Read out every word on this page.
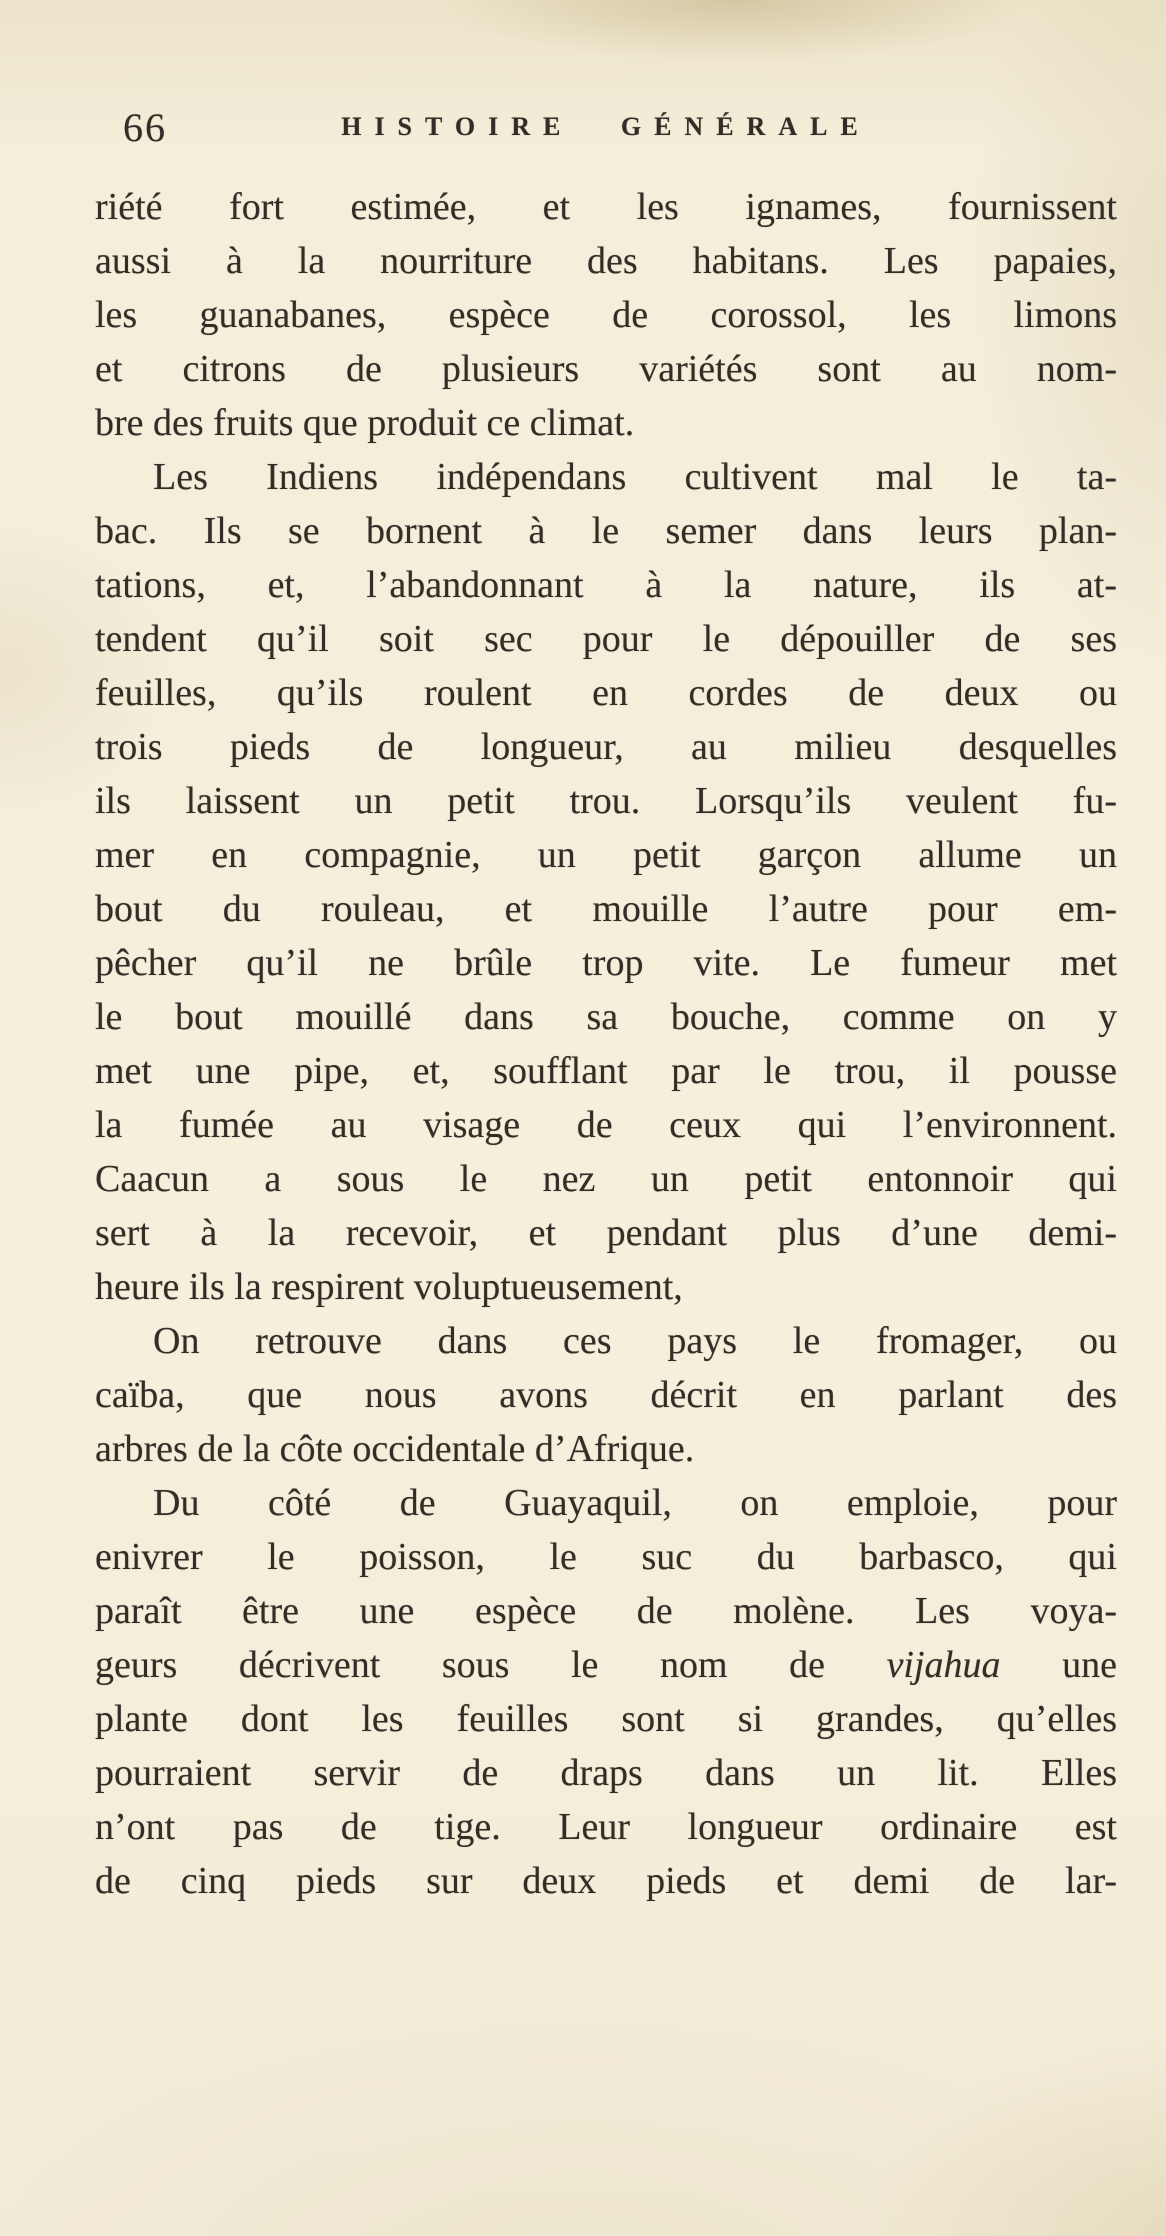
66	HISTOIRE GÉNÉRALE
riété fort estimée, et les ignames, fournissent
aussi à la nourriture des habitans. Les papaies,
les guanabanes, espèce de corossol, les limons
et citrons de plusieurs variétés sont au nom-
bre des fruits que produit ce climat.
Les Indiens indépendans cultivent mal le ta-
bac. Ils se bornent à le semer dans leurs plan-
tations, et, l’abandonnant à la nature, ils at-
tendent qu’il soit sec pour le dépouiller de ses
feuilles, qu’ils roulent en cordes de deux ou
trois pieds de longueur, au milieu desquelles
ils laissent un petit trou. Lorsqu’ils veulent fu-
mer en compagnie, un petit garçon allume un
bout du rouleau, et mouille l’autre pour em-
pêcher qu’il ne brûle trop vite. Le fumeur met
le bout mouillé dans sa bouche, comme on y
met une pipe, et, soufflant par le trou, il pousse
la fumée au visage de ceux qui l’environnent.
Caacun a sous le nez un petit entonnoir qui
sert à la recevoir, et pendant plus d’une demi-
heure ils la respirent voluptueusement,
On retrouve dans ces pays le fromager, ou
caïba, que nous avons décrit en parlant des
arbres de la côte occidentale d’Afrique.
Du côté de Guayaquil, on emploie, pour
enivrer le poisson, le suc du barbasco, qui
paraît être une espèce de molène. Les voya-
geurs décrivent sous le nom de vijahua une
plante dont les feuilles sont si grandes, qu’elles
pourraient servir de draps dans un lit. Elles
n’ont pas de tige. Leur longueur ordinaire est
de cinq pieds sur deux pieds et demi de lar-
